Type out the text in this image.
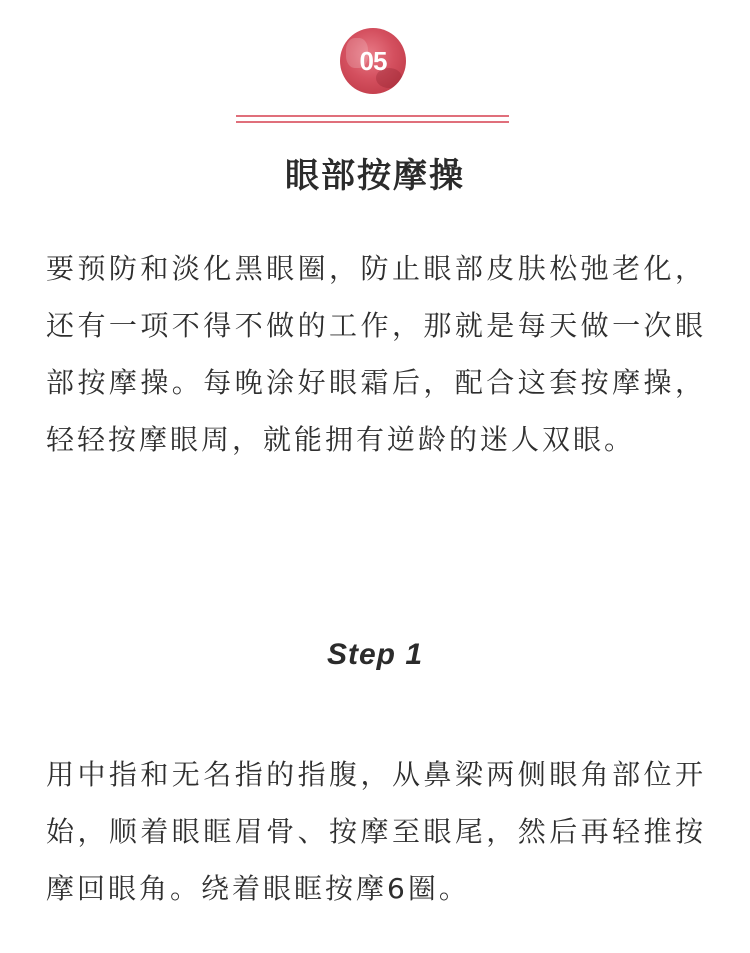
05
眼部按摩操
要预防和淡化黑眼圈，防止眼部皮肤松弛老化，还有一项不得不做的工作，那就是每天做一次眼部按摩操。每晚涂好眼霜后，配合这套按摩操，轻轻按摩眼周，就能拥有逆龄的迷人双眼。
Step 1
用中指和无名指的指腹，从鼻梁两侧眼角部位开始，顺着眼眶眉骨、按摩至眼尾，然后再轻推按摩回眼角。绕着眼眶按摩6圈。
